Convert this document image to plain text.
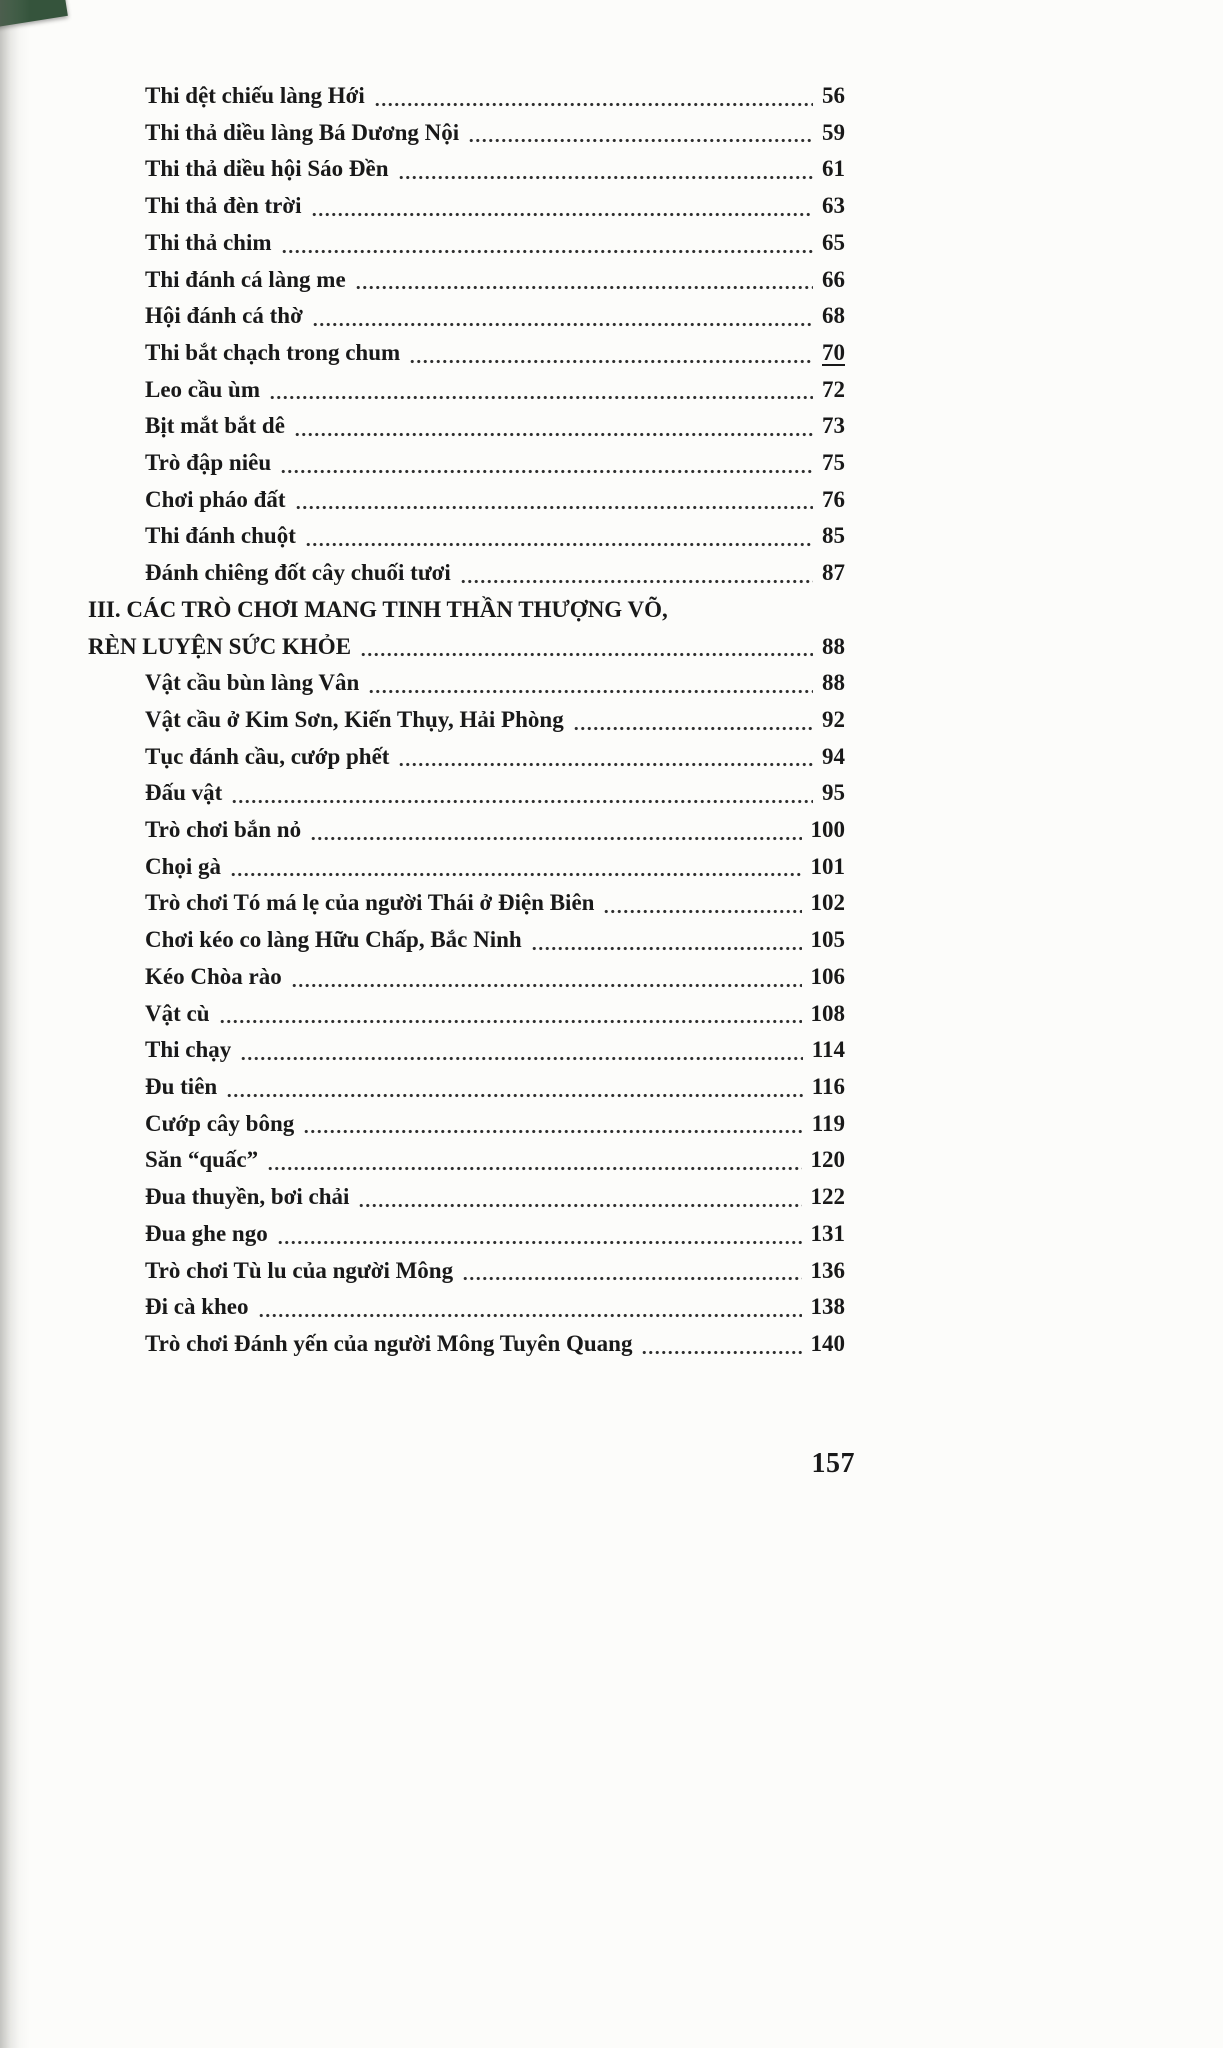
Thi dệt chiếu làng Hới	56
Thi thả diều làng Bá Dương Nội	59
Thi thả diều hội Sáo Đền	61
Thi thả đèn trời	63
Thi thả chim	65
Thi đánh cá làng me	66
Hội đánh cá thờ	68
Thi bắt chạch trong chum	70
Leo cầu ùm	72
Bịt mắt bắt dê	73
Trò đập niêu	75
Chơi pháo đất	76
Thi đánh chuột	85
Đánh chiêng đốt cây chuối tươi	87
III. CÁC TRÒ CHƠI MANG TINH THẦN THƯỢNG VÕ,
RÈN LUYỆN SỨC KHỎE	88
Vật cầu bùn làng Vân	88
Vật cầu ở Kim Sơn, Kiến Thụy, Hải Phòng	92
Tục đánh cầu, cướp phết	94
Đấu vật	95
Trò chơi bắn nỏ	100
Chọi gà	101
Trò chơi Tó má lẹ của người Thái ở Điện Biên	102
Chơi kéo co làng Hữu Chấp, Bắc Ninh	105
Kéo Chòa rào	106
Vật cù	108
Thi chạy	114
Đu tiên	116
Cướp cây bông	119
Săn “quấc”	120
Đua thuyền, bơi chải	122
Đua ghe ngo	131
Trò chơi Tù lu của người Mông	136
Đi cà kheo	138
Trò chơi Đánh yến của người Mông Tuyên Quang	140
157
